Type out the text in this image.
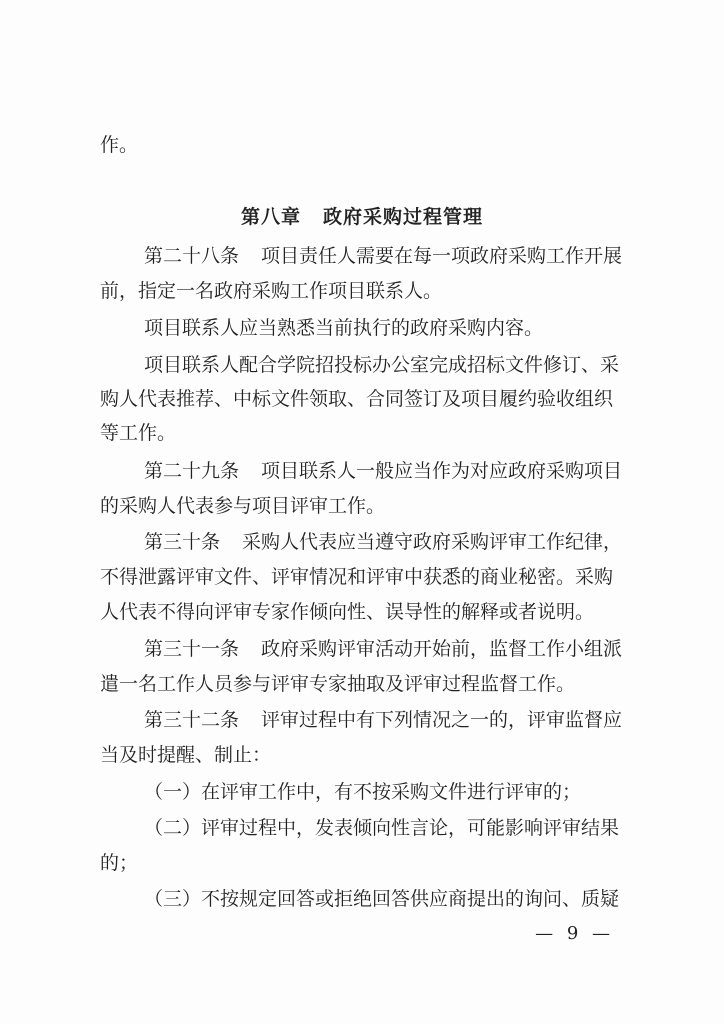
作。
第八章 政府采购过程管理
第二十八条 项目责任人需要在每一项政府采购工作开展
前，指定一名政府采购工作项目联系人。
项目联系人应当熟悉当前执行的政府采购内容。
项目联系人配合学院招投标办公室完成招标文件修订、采
购人代表推荐、中标文件领取、合同签订及项目履约验收组织
等工作。
第二十九条 项目联系人一般应当作为对应政府采购项目
的采购人代表参与项目评审工作。
第三十条 采购人代表应当遵守政府采购评审工作纪律，
不得泄露评审文件、评审情况和评审中获悉的商业秘密。采购
人代表不得向评审专家作倾向性、误导性的解释或者说明。
第三十一条 政府采购评审活动开始前，监督工作小组派
遣一名工作人员参与评审专家抽取及评审过程监督工作。
第三十二条 评审过程中有下列情况之一的，评审监督应
当及时提醒、制止：
（一）在评审工作中，有不按采购文件进行评审的；
（二）评审过程中，发表倾向性言论，可能影响评审结果
的；
（三）不按规定回答或拒绝回答供应商提出的询问、质疑
— 9 —
